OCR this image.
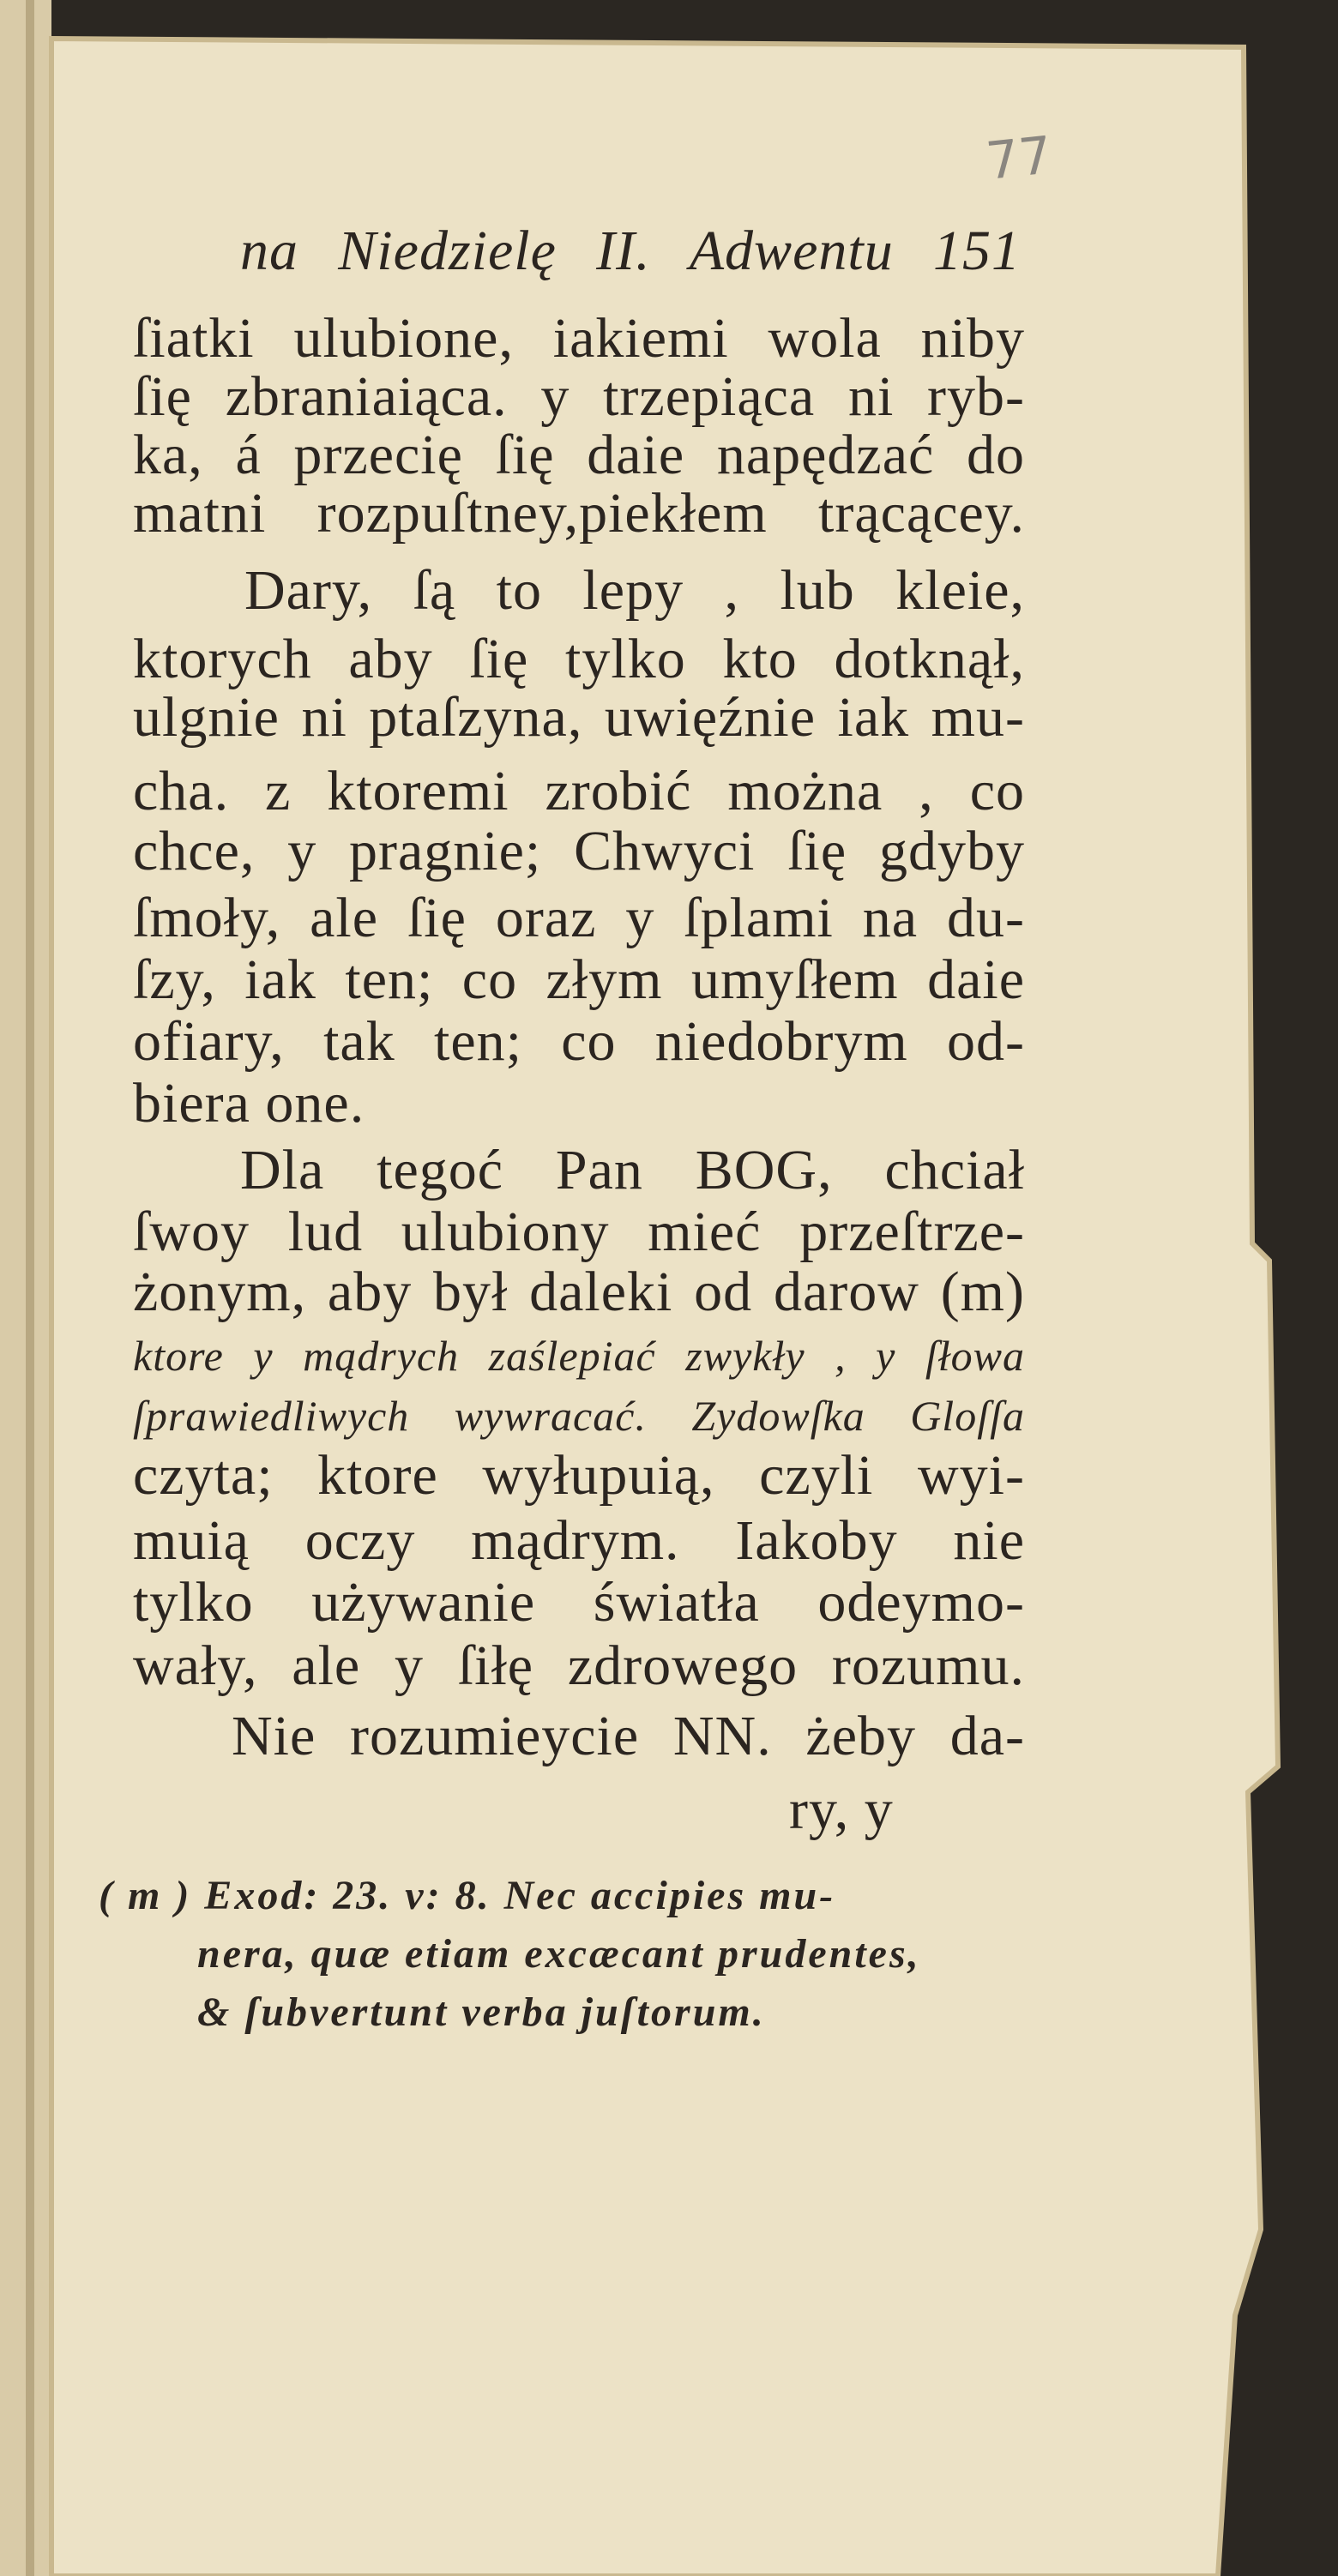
77
na Niedzielę II. Adwentu 151
ſiatki ulubione, iakiemi wola niby
ſię zbraniaiąca. y trzepiąca ni ryb-
ka, á przecię ſię daie napędzać do
matni rozpuſtney,piekłem trącącey.
Dary, ſą to lepy , lub kleie,
ktorych aby ſię tylko kto dotknął,
ulgnie ni ptaſzyna, uwięźnie iak mu-
cha. z ktoremi zrobić można , co
chce, y pragnie; Chwyci ſię gdyby
ſmoły, ale ſię oraz y ſplami na du-
ſzy, iak ten; co złym umyſłem daie
ofiary, tak ten; co niedobrym od-
biera one.
Dla tegoć Pan BOG, chciał
ſwoy lud ulubiony mieć przeſtrze-
żonym, aby był daleki od darow (m)
ktore y mądrych zaślepiać zwykły , y ſłowa
ſprawiedliwych wywracać. Zydowſka Gloſſa
czyta; ktore wyłupuią, czyli wyi-
muią oczy mądrym. Iakoby nie
tylko używanie światła odeymo-
wały, ale y ſiłę zdrowego rozumu.
Nie rozumieycie NN. żeby da-
ry, y
( m ) Exod: 23. v: 8. Nec accipies mu-
nera, quæ etiam excæcant prudentes,
& ſubvertunt verba juſtorum.
